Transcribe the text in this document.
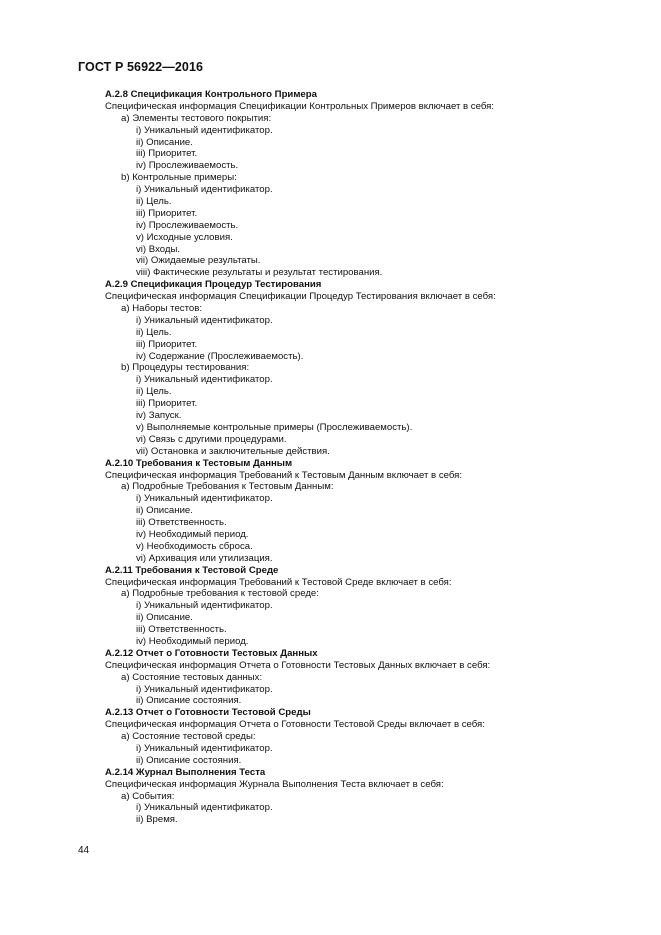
ГОСТ Р 56922—2016
A.2.8 Спецификация Контрольного Примера
Специфическая информация Спецификации Контрольных Примеров включает в себя:
a) Элементы тестового покрытия:
i) Уникальный идентификатор.
ii) Описание.
iii) Приоритет.
iv) Прослеживаемость.
b) Контрольные примеры:
i) Уникальный идентификатор.
ii) Цель.
iii) Приоритет.
iv) Прослеживаемость.
v) Исходные условия.
vi) Входы.
vii) Ожидаемые результаты.
viii) Фактические результаты и результат тестирования.
A.2.9 Спецификация Процедур Тестирования
Специфическая информация Спецификации Процедур Тестирования включает в себя:
a) Наборы тестов:
i) Уникальный идентификатор.
ii) Цель.
iii) Приоритет.
iv) Содержание (Прослеживаемость).
b) Процедуры тестирования:
i) Уникальный идентификатор.
ii) Цель.
iii) Приоритет.
iv) Запуск.
v) Выполняемые контрольные примеры (Прослеживаемость).
vi) Связь с другими процедурами.
vii) Остановка и заключительные действия.
A.2.10 Требования к Тестовым Данным
Специфическая информация Требований к Тестовым Данным включает в себя:
a) Подробные Требования к Тестовым Данным:
i) Уникальный идентификатор.
ii) Описание.
iii) Ответственность.
iv) Необходимый период.
v) Необходимость сброса.
vi) Архивация или утилизация.
A.2.11 Требования к Тестовой Среде
Специфическая информация Требований к Тестовой Среде включает в себя:
a) Подробные требования к тестовой среде:
i) Уникальный идентификатор.
ii) Описание.
iii) Ответственность.
iv) Необходимый период.
A.2.12 Отчет о Готовности Тестовых Данных
Специфическая информация Отчета о Готовности Тестовых Данных включает в себя:
a) Состояние тестовых данных:
i) Уникальный идентификатор.
ii) Описание состояния.
A.2.13 Отчет о Готовности Тестовой Среды
Специфическая информация Отчета о Готовности Тестовой Среды включает в себя:
a) Состояние тестовой среды:
i) Уникальный идентификатор.
ii) Описание состояния.
A.2.14 Журнал Выполнения Теста
Специфическая информация Журнала Выполнения Теста включает в себя:
a) События:
i) Уникальный идентификатор.
ii) Время.
44
